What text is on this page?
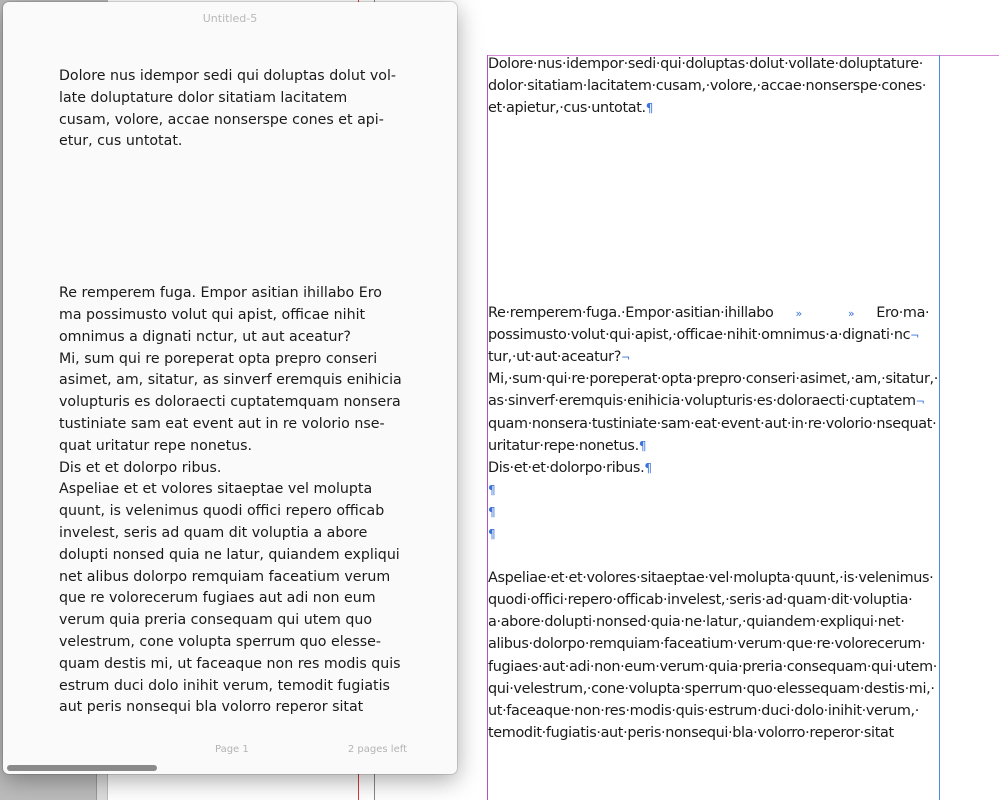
Dolore·nus·idempor·sedi·qui·doluptas·dolut·vollate·doluptature·
dolor·sitatiam·lacitatem·cusam,·volore,·accae·nonserspe·cones·
et·apietur,·cus·untotat.¶
Re·remperem·fuga.·Empor·asitian·ihillabo »	» Ero·ma·
possimusto·volut·qui·apist,·officae·nihit·omnimus·a·dignati·nc¬
tur,·ut·aut·aceatur?¬
Mi,·sum·qui·re·poreperat·opta·prepro·conseri·asimet,·am,·sitatur,·
as·sinverf·eremquis·enihicia·volupturis·es·doloraecti·cuptatem¬
quam·nonsera·tustiniate·sam·eat·event·aut·in·re·volorio·nsequat·
uritatur·repe·nonetus.¶
Dis·et·et·dolorpo·ribus.¶
¶
¶
¶
Aspeliae·et·et·volores·sitaeptae·vel·molupta·quunt,·is·velenimus·
quodi·offici·repero·officab·invelest,·seris·ad·quam·dit·voluptia·
a·abore·dolupti·nonsed·quia·ne·latur,·quiandem·expliqui·net·
alibus·dolorpo·remquiam·faceatium·verum·que·re·volorecerum·
fugiaes·aut·adi·non·eum·verum·quia·preria·consequam·qui·utem·
qui·velestrum,·cone·volupta·sperrum·quo·elessequam·destis·mi,·
ut·faceaque·non·res·modis·quis·estrum·duci·dolo·inihit·verum,·
temodit·fugiatis·aut·peris·nonsequi·bla·volorro·reperor·sitat
Untitled-5

Dolore nus idempor sedi qui doluptas dolut vol-
late doluptature dolor sitatiam lacitatem
cusam, volore, accae nonserspe cones et api-
etur, cus untotat.

Re remperem fuga. Empor asitian ihillabo Ero
ma possimusto volut qui apist, officae nihit
omnimus a dignati nctur, ut aut aceatur?

Mi, sum qui re poreperat opta prepro conseri
asimet, am, sitatur, as sinverf eremquis enihicia
volupturis es doloraecti cuptatemquam nonsera
tustiniate sam eat event aut in re volorio nse-
quat uritatur repe nonetus.

Dis et et dolorpo ribus.

Aspeliae et et volores sitaeptae vel molupta
quunt, is velenimus quodi offici repero officab
invelest, seris ad quam dit voluptia a abore
dolupti nonsed quia ne latur, quiandem expliqui
net alibus dolorpo remquiam faceatium verum
que re volorecerum fugiaes aut adi non eum
verum quia preria consequam qui utem quo
velestrum, cone volupta sperrum quo elesse-
quam destis mi, ut faceaque non res modis quis
estrum duci dolo inihit verum, temodit fugiatis
aut peris nonsequi bla volorro reperor sitat

Page 1	2 pages left
